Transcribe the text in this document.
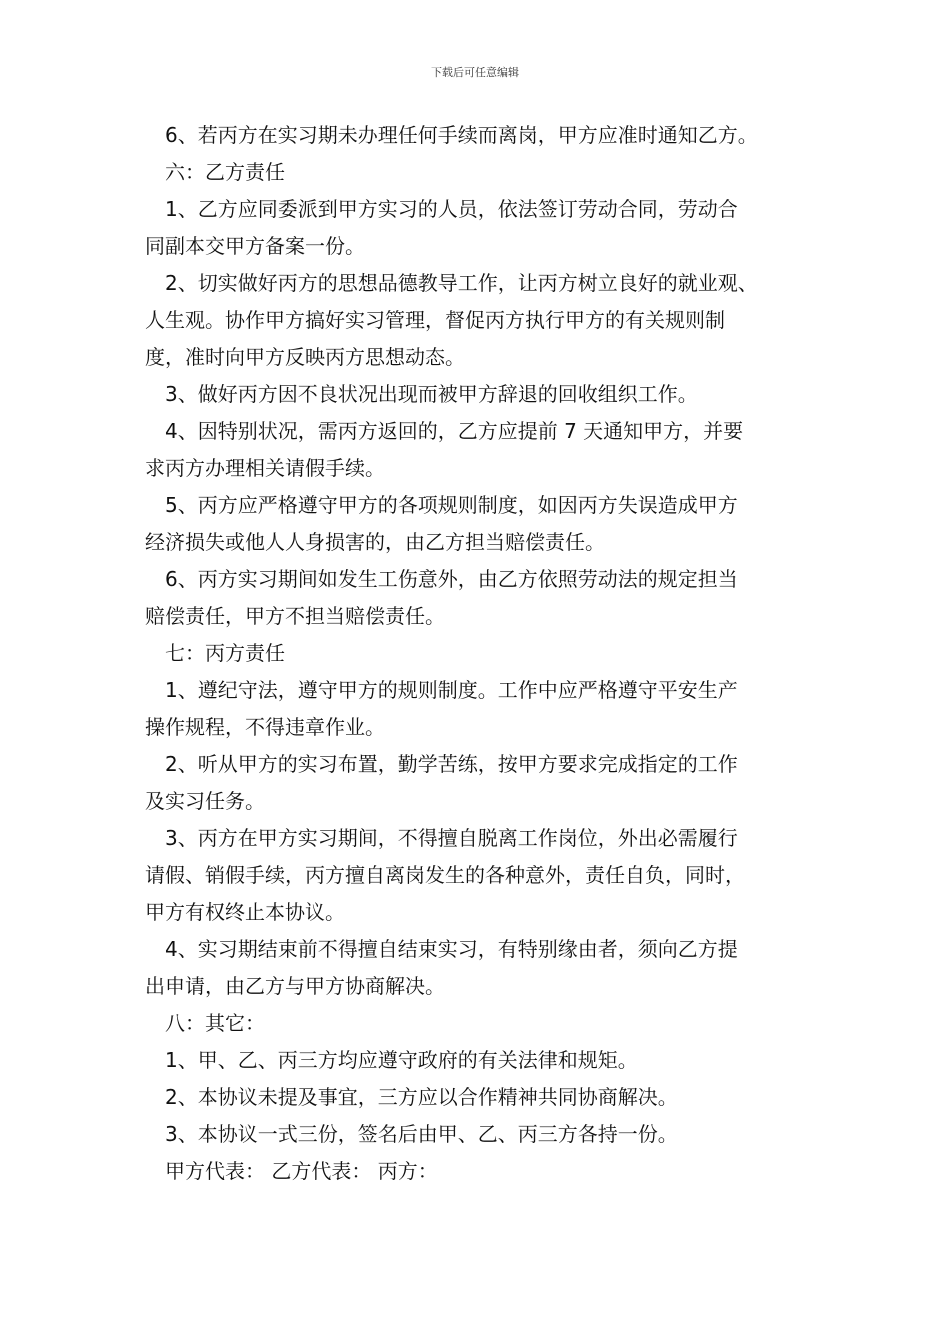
下载后可任意编辑
6、若丙方在实习期未办理任何手续而离岗，甲方应准时通知乙方。
六：乙方责任
1、乙方应同委派到甲方实习的人员，依法签订劳动合同，劳动合
同副本交甲方备案一份。
2、切实做好丙方的思想品德教导工作，让丙方树立良好的就业观、
人生观。协作甲方搞好实习管理，督促丙方执行甲方的有关规则制
度，准时向甲方反映丙方思想动态。
3、做好丙方因不良状况出现而被甲方辞退的回收组织工作。
4、因特别状况，需丙方返回的，乙方应提前 7 天通知甲方，并要
求丙方办理相关请假手续。
5、丙方应严格遵守甲方的各项规则制度，如因丙方失误造成甲方
经济损失或他人人身损害的，由乙方担当赔偿责任。
6、丙方实习期间如发生工伤意外，由乙方依照劳动法的规定担当
赔偿责任，甲方不担当赔偿责任。
七：丙方责任
1、遵纪守法，遵守甲方的规则制度。工作中应严格遵守平安生产
操作规程，不得违章作业。
2、听从甲方的实习布置，勤学苦练，按甲方要求完成指定的工作
及实习任务。
3、丙方在甲方实习期间，不得擅自脱离工作岗位，外出必需履行
请假、销假手续，丙方擅自离岗发生的各种意外，责任自负，同时，
甲方有权终止本协议。
4、实习期结束前不得擅自结束实习，有特别缘由者，须向乙方提
出申请，由乙方与甲方协商解决。
八：其它：
1、甲、乙、丙三方均应遵守政府的有关法律和规矩。
2、本协议未提及事宜，三方应以合作精神共同协商解决。
3、本协议一式三份，签名后由甲、乙、丙三方各持一份。
甲方代表： 乙方代表： 丙方：
